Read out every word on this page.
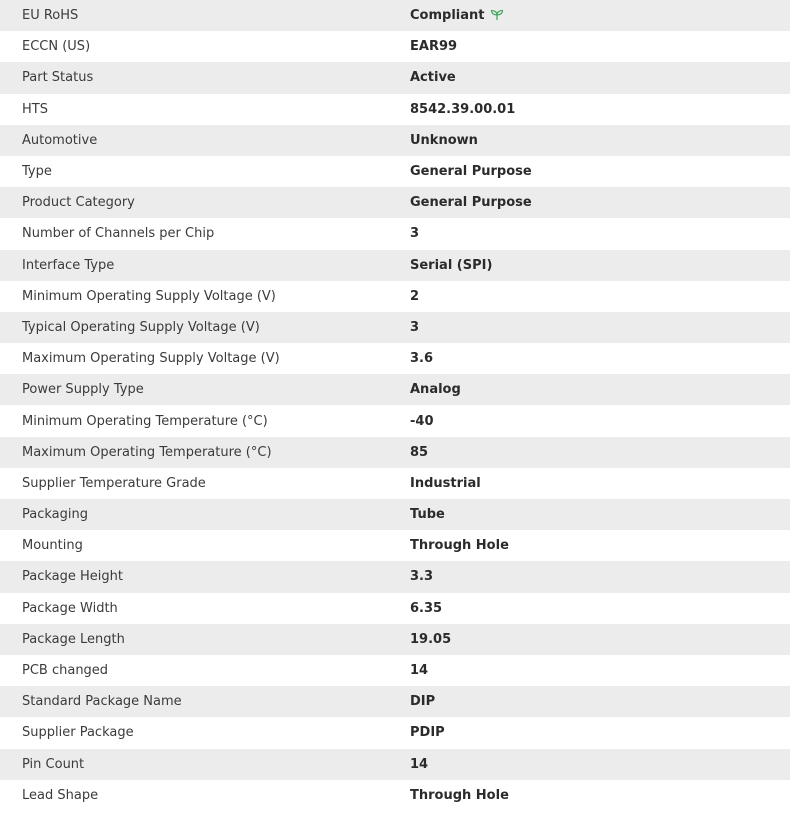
EU RoHS	Compliant
ECCN (US)	EAR99
Part Status	Active
HTS	8542.39.00.01
Automotive	Unknown
Type	General Purpose
Product Category	General Purpose
Number of Channels per Chip	3
Interface Type	Serial (SPI)
Minimum Operating Supply Voltage (V)	2
Typical Operating Supply Voltage (V)	3
Maximum Operating Supply Voltage (V)	3.6
Power Supply Type	Analog
Minimum Operating Temperature (°C)	-40
Maximum Operating Temperature (°C)	85
Supplier Temperature Grade	Industrial
Packaging	Tube
Mounting	Through Hole
Package Height	3.3
Package Width	6.35
Package Length	19.05
PCB changed	14
Standard Package Name	DIP
Supplier Package	PDIP
Pin Count	14
Lead Shape	Through Hole
